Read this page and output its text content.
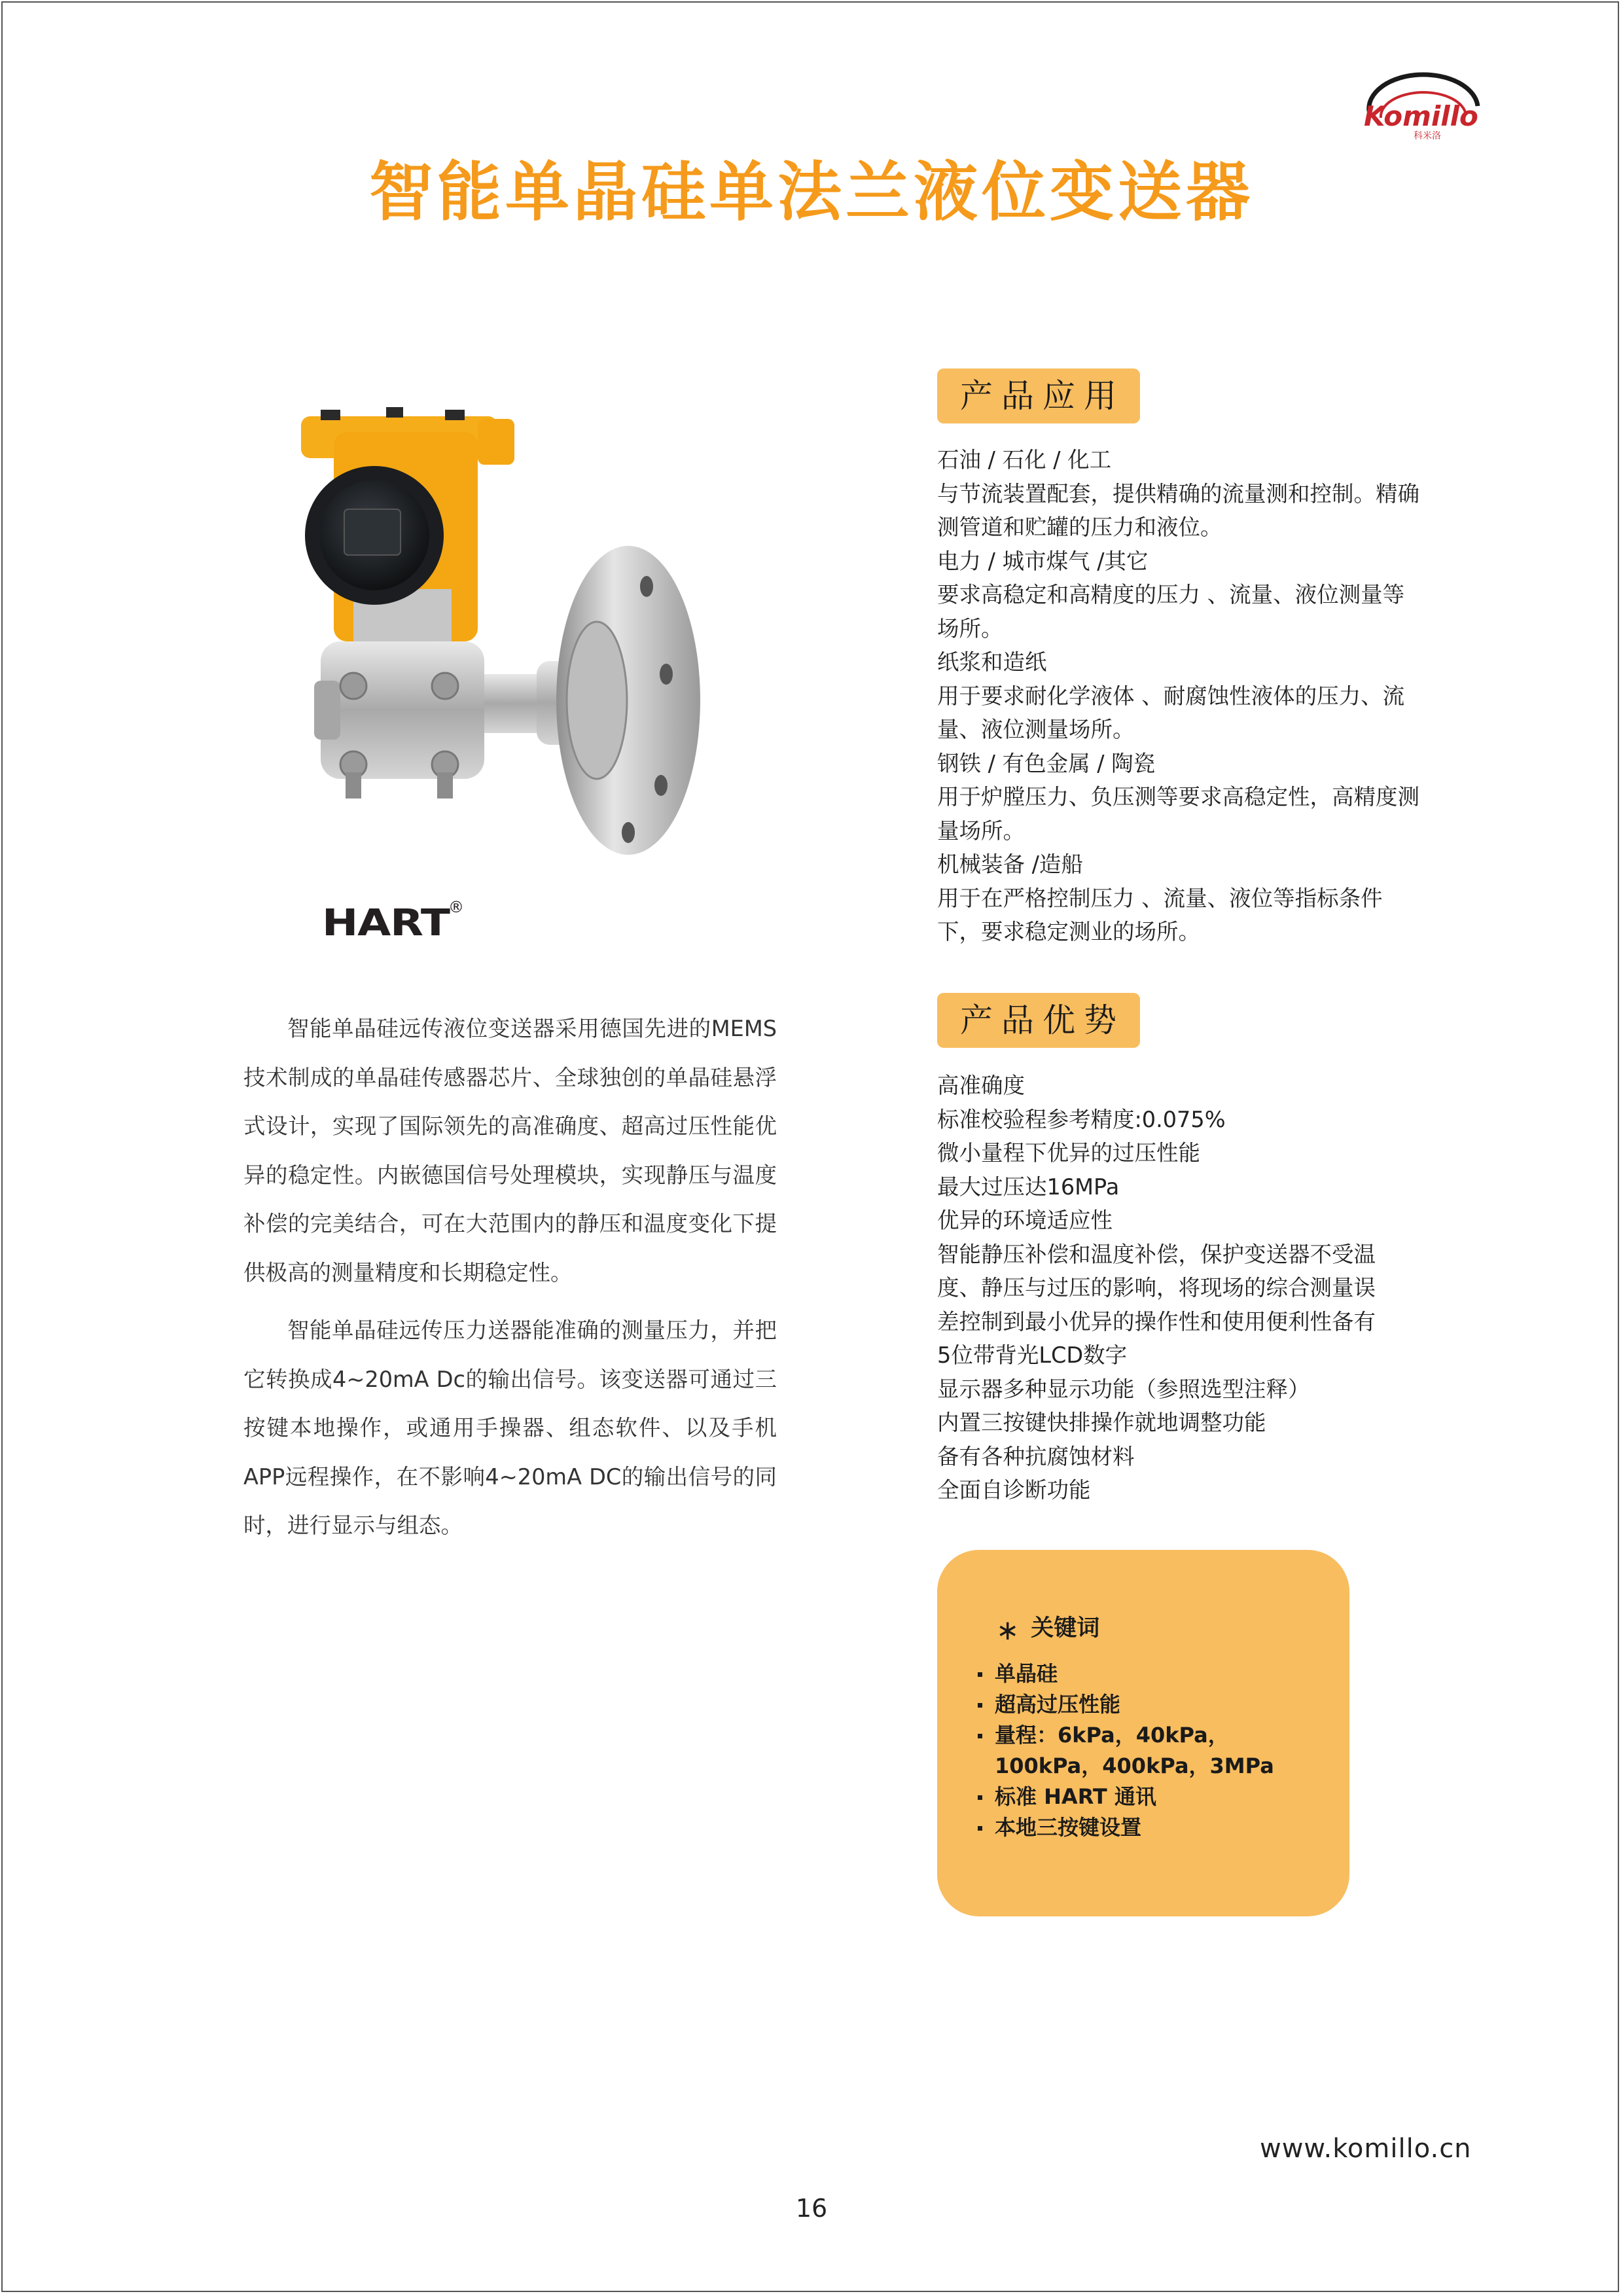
Komillo
科米洛
智能单晶硅单法兰液位变送器
HART
®

智能单晶硅远传液位变送器采用德国先进的MEMS技术制成的单晶硅传感器芯片、全球独创的单晶硅悬浮式设计，实现了国际领先的高准确度、超高过压性能优异的稳定性。内嵌德国信号处理模块，实现静压与温度补偿的完美结合，可在大范围内的静压和温度变化下提供极高的测量精度和长期稳定性。

智能单晶硅远传压力送器能准确的测量压力，并把 它转换成4~20mA Dc的输出信号。该变送器可通过三按键本地操作，或通用手操器、组态软件、以及手机APP远程操作，在不影响4~20mA DC的输出信号的同时，进行显示与组态。

产品应用
石油 / 石化 / 化工
与节流装置配套，提供精确的流量测和控制。精确
测管道和贮罐的压力和液位。
电力 / 城市煤气 /其它
要求高稳定和高精度的压力 、流量、液位测量等
场所。
纸浆和造纸
用于要求耐化学液体 、耐腐蚀性液体的压力、流
量、液位测量场所。
钢铁 / 有色金属 / 陶瓷
用于炉膛压力、负压测等要求高稳定性，高精度测
量场所。
机械装备 /造船
用于在严格控制压力 、流量、液位等指标条件
下，要求稳定测业的场所。
产品优势
高准确度
标准校验程参考精度:0.075%
微小量程下优异的过压性能
最大过压达16MPa
优异的环境适应性
智能静压补偿和温度补偿，保护变送器不受温
度、静压与过压的影响，将现场的综合测量误
差控制到最小优异的操作性和使用便利性备有
5位带背光LCD数字
显示器多种显示功能（参照选型注释）
内置三按键快排操作就地调整功能
备有各种抗腐蚀材料
全面自诊断功能
∗ 关键词
单晶硅
超高过压性能
量程：6kPa，40kPa，100kPa，400kPa，3MPa
标准 HART 通讯
本地三按键设置
www.komillo.cn
16
